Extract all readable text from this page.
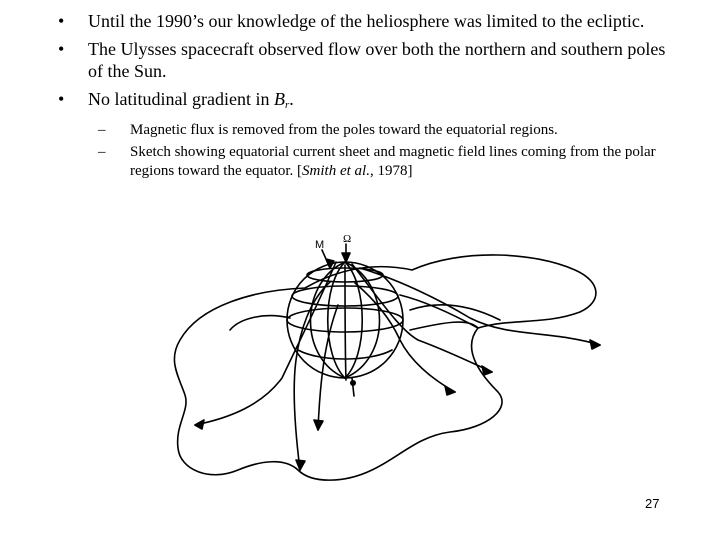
• Until the 1990’s our knowledge of the heliosphere was limited to the ecliptic.
• The Ulysses spacecraft observed flow over both the northern and southern poles of the Sun.
• No latitudinal gradient in $B_r$.
– Magnetic flux is removed from the poles toward the equatorial regions.
– Sketch showing equatorial current sheet and magnetic field lines coming from the polar regions toward the equator. [Smith et al., 1978]
M Ω
27
